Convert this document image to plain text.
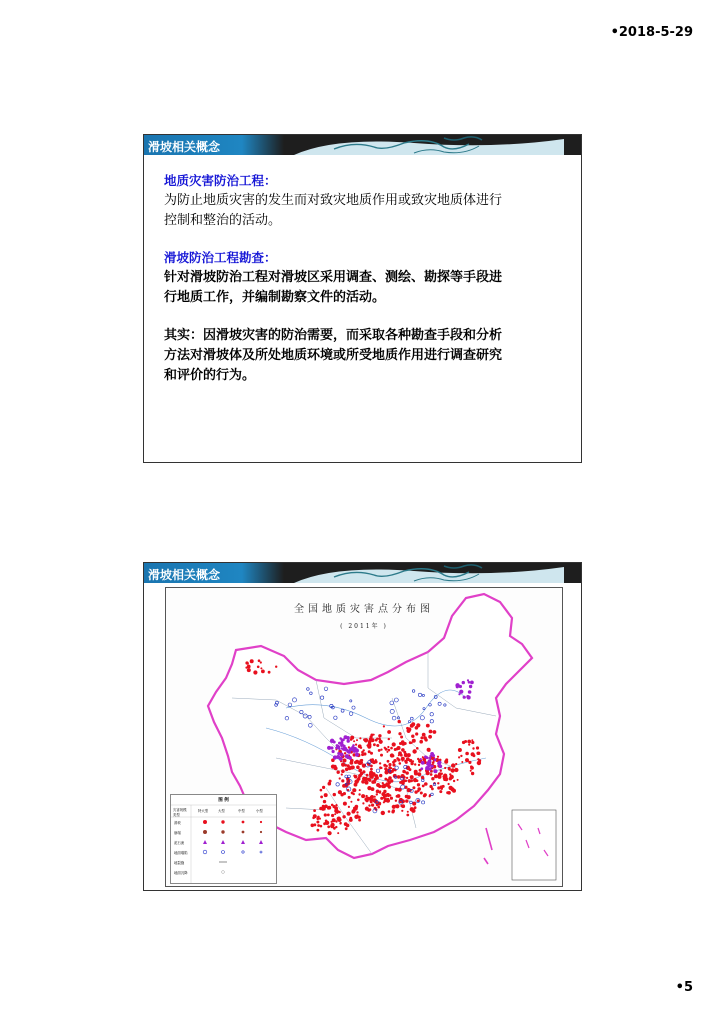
•2018-5-29
滑坡相关概念
地质灾害防治工程：

为防止地质灾害的发生而对致灾地质作用或致灾地质体进行

控制和整治的活动。

滑坡防治工程勘查：

针对滑坡防治工程对滑坡区采用调查、测绘、勘探等手段进

行地质工作，并编制勘察文件的活动。

其实：因滑坡灾害的防治需要，而采取各种勘查手段和分析

方法对滑坡体及所处地质环境或所受地质作用进行调查研究

和评价的行为。

滑坡相关概念
全国地质灾害点分布图
( 2011年 )
图 例
灾害规模 类型
特大型	大型	中型	小型
滑坡
崩塌
泥石流
地面塌陷
地裂缝
地面沉降
•5
